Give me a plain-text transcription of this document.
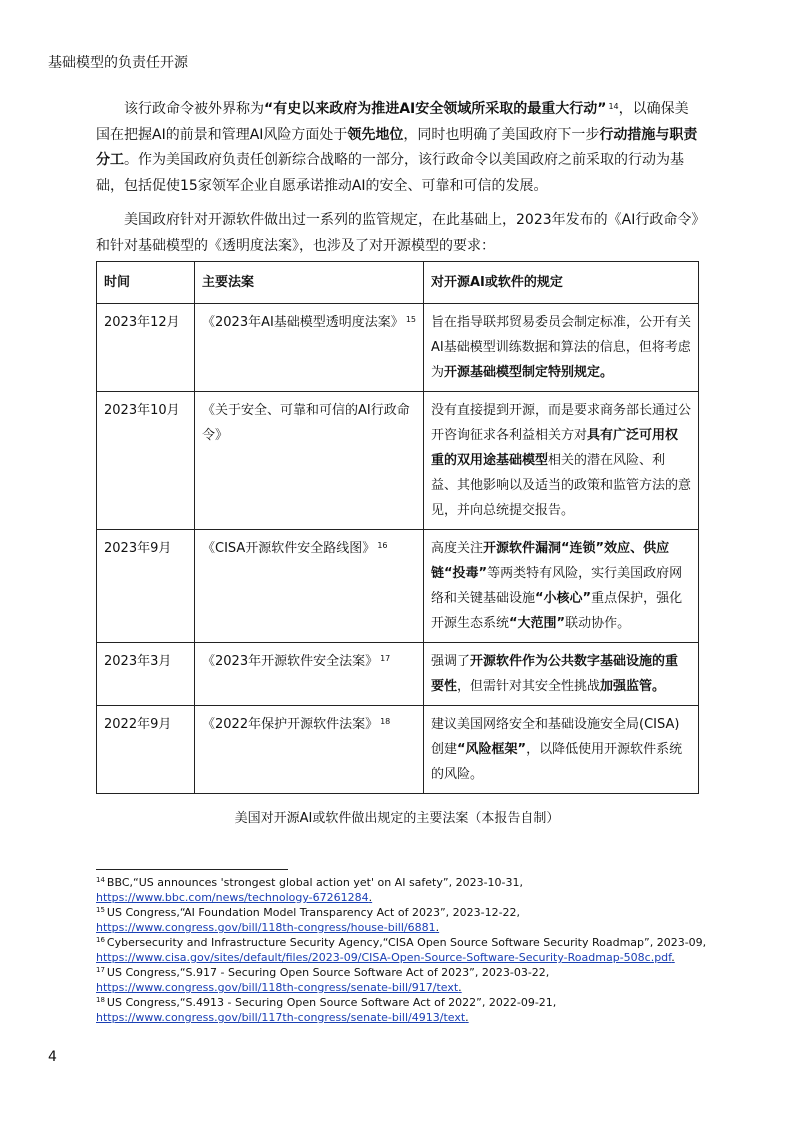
基础模型的负责任开源

该行政命令被外界称为“有史以来政府为推进AI安全领域所采取的最重大行动” $^{14}$，以确保美国在把握AI的前景和管理AI风险方面处于领先地位，同时也明确了美国政府下一步行动措施与职责分工。作为美国政府负责任创新综合战略的一部分，该行政命令以美国政府之前采取的行动为基础，包括促使15家领军企业自愿承诺推动AI的安全、可靠和可信的发展。

美国政府针对开源软件做出过一系列的监管规定，在此基础上，2023年发布的《AI行政命令》和针对基础模型的《透明度法案》，也涉及了对开源模型的要求：

时间	主要法案	对开源AI或软件的规定
2023年12月	《2023年AI基础模型透明度法案》 $^{15}$	旨在指导联邦贸易委员会制定标准，公开有关AI基础模型训练数据和算法的信息，但将考虑为开源基础模型制定特别规定。
2023年10月	《关于安全、可靠和可信的AI行政命令》	没有直接提到开源，而是要求商务部长通过公开咨询征求各利益相关方对具有广泛可用权重的双用途基础模型相关的潜在风险、利益、其他影响以及适当的政策和监管方法的意见，并向总统提交报告。
2023年9月	《CISA开源软件安全路线图》 $^{16}$	高度关注开源软件漏洞“连锁”效应、供应链“投毒”等两类特有风险，实行美国政府网络和关键基础设施“小核心”重点保护，强化开源生态系统“大范围”联动协作。
2023年3月	《2023年开源软件安全法案》 $^{17}$	强调了开源软件作为公共数字基础设施的重要性，但需针对其安全性挑战加强监管。
2022年9月	《2022年保护开源软件法案》 $^{18}$	建议美国网络安全和基础设施安全局(CISA)创建“风险框架”，以降低使用开源软件系统的风险。
美国对开源AI或软件做出规定的主要法案（本报告自制）
$^{14}$ BBC,“US announces 'strongest global action yet' on AI safety”, 2023-10-31,
https://www.bbc.com/news/technology-67261284.
$^{15}$ US Congress,“AI Foundation Model Transparency Act of 2023”, 2023-12-22,
https://www.congress.gov/bill/118th-congress/house-bill/6881.
$^{16}$ Cybersecurity and Infrastructure Security Agency,“CISA Open Source Software Security Roadmap”, 2023-09,
https://www.cisa.gov/sites/default/files/2023-09/CISA-Open-Source-Software-Security-Roadmap-508c.pdf.
$^{17}$ US Congress,“S.917 - Securing Open Source Software Act of 2023”, 2023-03-22,
https://www.congress.gov/bill/118th-congress/senate-bill/917/text.
$^{18}$ US Congress,“S.4913 - Securing Open Source Software Act of 2022”, 2022-09-21,
https://www.congress.gov/bill/117th-congress/senate-bill/4913/text.
4
